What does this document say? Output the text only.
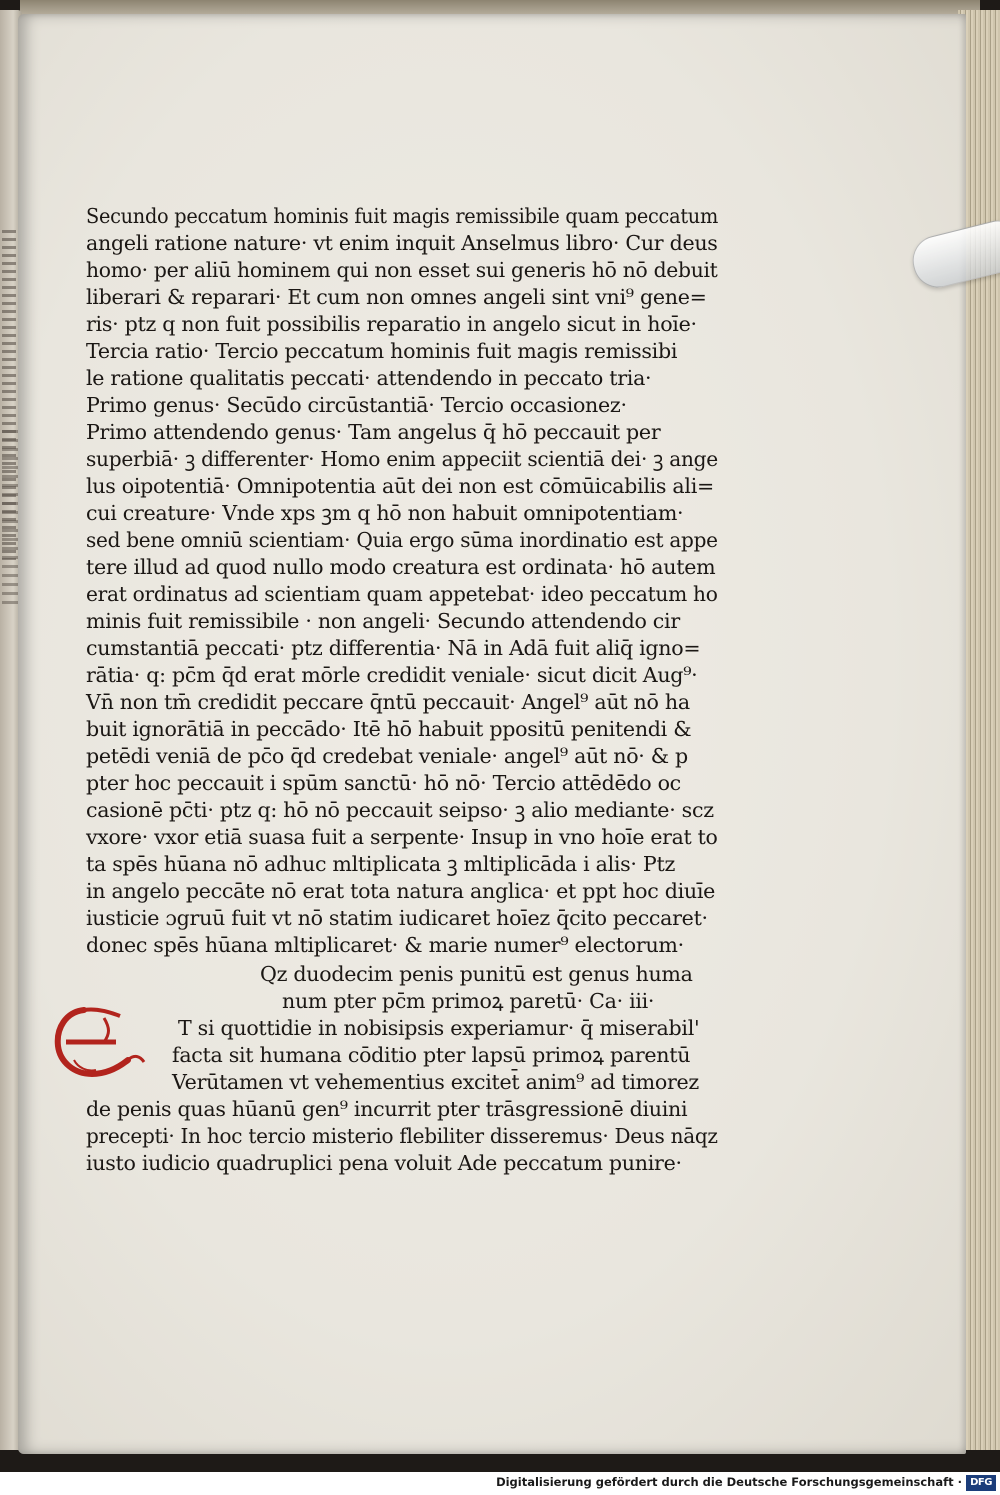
Secundo peccatum hominis fuit magis remissibile quam peccatum
angeli ratione nature· vt enim inquit Anselmus libro· Cur deus
homo· per aliū hominem qui non esset sui generis hō nō debuit
liberari & reparari· Et cum non omnes angeli sint vni⁹ gene=
ris· ptz q non fuit possibilis reparatio in angelo sicut in hoīe·
Tercia ratio· Tercio peccatum hominis fuit magis remissibi
le ratione qualitatis peccati· attendendo in peccato tria·
Primo genus· Secūdo circūstantiā· Tercio occasionez·
Primo attendendo genus· Tam angelus q̄ hō peccauit per
superbiā· ꝫ differenter· Homo enim appeciit scientiā dei· ꝫ ange
lus oipotentiā· Omnipotentia aūt dei non est cōmūicabilis ali=
cui creature· Vnde xps ꝫm q hō non habuit omnipotentiam·
sed bene omniū scientiam· Quia ergo sūma inordinatio est appe
tere illud ad quod nullo modo creatura est ordinata· hō autem
erat ordinatus ad scientiam quam appetebat· ideo peccatum ho
minis fuit remissibile · non angeli· Secundo attendendo cir
cumstantiā peccati· ptz differentia· Nā in Adā fuit aliq̄ igno=
rātia· q: pc̄m q̄d erat mōrle credidit veniale· sicut dicit Aug⁹·
Vn̄ non tm̄ credidit peccare q̄ntū peccauit· Angel⁹ aūt nō ha
buit ignorātiā in peccādo· Itē hō habuit ppositū penitendi &
petēdi veniā de pc̄o q̄d credebat veniale· angel⁹ aūt nō· & p
pter hoc peccauit i spūm sanctū· hō nō· Tercio attēdēdo oc
casionē pc̄ti· ptz q: hō nō peccauit seipso· ꝫ alio mediante· scz
vxore· vxor etiā suasa fuit a serpente· Insup in vno hoīe erat to
ta spēs hūana nō adhuc mltiplicata ꝫ mltiplicāda i alis· Ptz
in angelo peccāte nō erat tota natura anglica· et ppt hoc diuīe
iusticie ɔgruū fuit vt nō statim iudicaret hoīez q̄cito peccaret·
donec spēs hūana mltiplicaret· & marie numer⁹ electorum·
Qz duodecim penis punitū est genus huma
num pter pc̄m primoꝝ paretū· Ca· iii·
T si quottidie in nobisipsis experiamur· q̄ miserabil'
facta sit humana cōditio pter lapsū primoꝝ parentū
Verūtamen vt vehementius excitet̄ anim⁹ ad timorez
de penis quas hūanū gen⁹ incurrit pter trāsgressionē diuini
precepti· In hoc tercio misterio flebiliter disseremus· Deus nāqz
iusto iudicio quadruplici pena voluit Ade peccatum punire·
Digitalisierung gefördert durch die Deutsche Forschungsgemeinschaft · DFG
